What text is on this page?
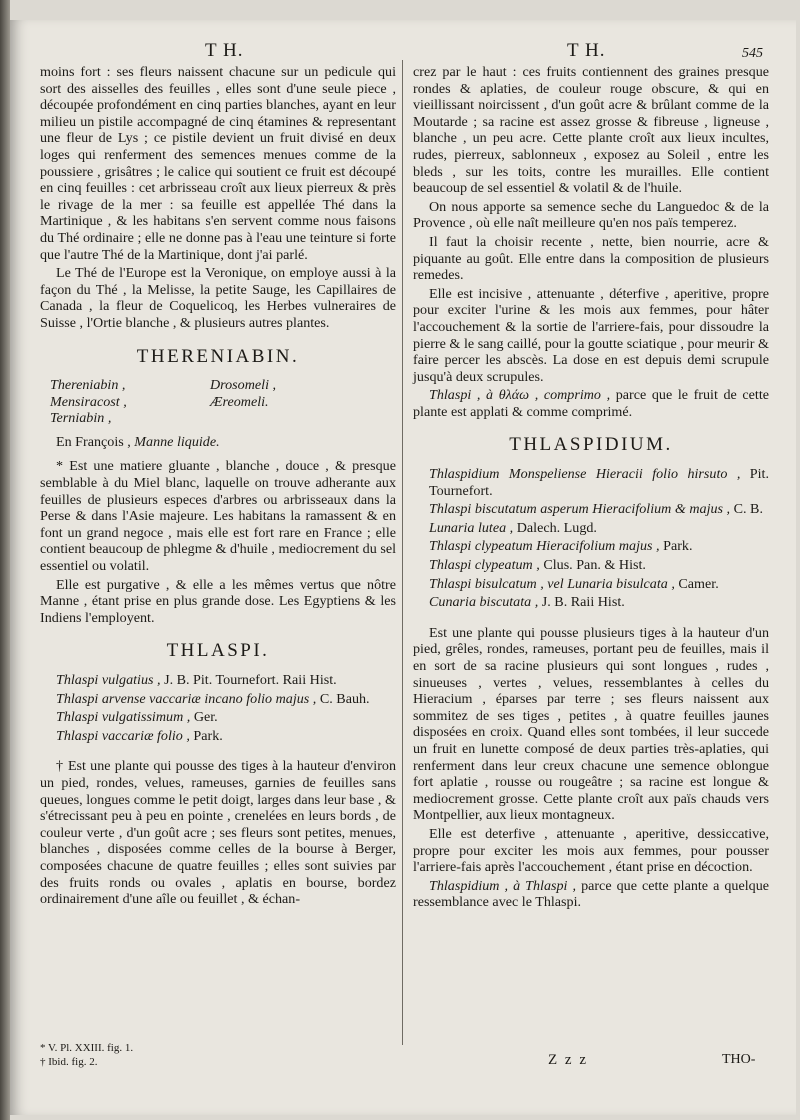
T H.	T H.	545

moins fort : ses fleurs naissent chacune sur un pedicule qui sort des aisselles des feuilles , elles sont d'une seule piece , découpée profondément en cinq parties blanches, ayant en leur milieu un pistile accompagné de cinq étamines & representant une fleur de Lys ; ce pistile devient un fruit divisé en deux loges qui renferment des semences menues comme de la poussiere , grisâtres ; le calice qui soutient ce fruit est découpé en cinq feuilles : cet arbrisseau croît aux lieux pierreux & près le rivage de la mer : sa feuille est appellée Thé dans la Martinique , & les habitans s'en servent comme nous faisons du Thé ordinaire ; elle ne donne pas à l'eau une teinture si forte que l'autre Thé de la Martinique, dont j'ai parlé.

Le Thé de l'Europe est la Veronique, on employe aussi à la façon du Thé , la Melisse, la petite Sauge, les Capillaires de Canada , la fleur de Coquelicoq, les Herbes vulneraires de Suisse , l'Ortie blanche , & plusieurs autres plantes.

THERENIABIN.
Thereniabin ,	Drosomeli ,
Mensiracost ,	Æreomeli.
Terniabin ,
En François , Manne liquide.

* Est une matiere gluante , blanche , douce , & presque semblable à du Miel blanc, laquelle on trouve adherante aux feuilles de plusieurs especes d'arbres ou arbrisseaux dans la Perse & dans l'Asie majeure. Les habitans la ramassent & en font un grand negoce , mais elle est fort rare en France ; elle contient beaucoup de phlegme & d'huile , mediocrement du sel essentiel ou volatil.

Elle est purgative , & elle a les mêmes vertus que nôtre Manne , étant prise en plus grande dose. Les Egyptiens & les Indiens l'employent.

THLASPI.

Thlaspi vulgatius , J. B. Pit. Tournefort. Raii Hist.

Thlaspi arvense vaccariæ incano folio majus , C. Bauh.

Thlaspi vulgatissimum , Ger.

Thlaspi vaccariæ folio , Park.

† Est une plante qui pousse des tiges à la hauteur d'environ un pied, rondes, velues, rameuses, garnies de feuilles sans queues, longues comme le petit doigt, larges dans leur base , & s'étrecissant peu à peu en pointe , crenelées en leurs bords , de couleur verte , d'un goût acre ; ses fleurs sont petites, menues, blanches , disposées comme celles de la bourse à Berger, composées chacune de quatre feuilles ; elles sont suivies par des fruits ronds ou ovales , aplatis en bourse, bordez ordinairement d'une aîle ou feuillet , & échan-

* V. Pl. XXIII. fig. 1.
† Ibid. fig. 2.

crez par le haut : ces fruits contiennent des graines presque rondes & aplaties, de couleur rouge obscure, & qui en vieillissant noircissent , d'un goût acre & brûlant comme de la Moutarde ; sa racine est assez grosse & fibreuse , ligneuse , blanche , un peu acre. Cette plante croît aux lieux incultes, rudes, pierreux, sablonneux , exposez au Soleil , entre les bleds , sur les toits, contre les murailles. Elle contient beaucoup de sel essentiel & volatil & de l'huile.

On nous apporte sa semence seche du Languedoc & de la Provence , où elle naît meilleure qu'en nos païs temperez.

Il faut la choisir recente , nette, bien nourrie, acre & piquante au goût. Elle entre dans la composition de plusieurs remedes.

Elle est incisive , attenuante , déterfive , aperitive, propre pour exciter l'urine & les mois aux femmes, pour hâter l'accouchement & la sortie de l'arriere-fais, pour dissoudre la pierre & le sang caillé, pour la goutte sciatique , pour meurir & faire percer les abscès. La dose en est depuis demi scrupule jusqu'à deux scrupules.

Thlaspi , à θλάω , comprimo , parce que le fruit de cette plante est applati & comme comprimé.

THLASPIDIUM.

Thlaspidium Monspeliense Hieracii folio hirsuto , Pit. Tournefort.

Thlaspi biscutatum asperum Hieracifolium & majus , C. B.

Lunaria lutea , Dalech. Lugd.

Thlaspi clypeatum Hieracifolium majus , Park.

Thlaspi clypeatum , Clus. Pan. & Hist.

Thlaspi bisulcatum , vel Lunaria bisulcata , Camer.

Cunaria biscutata , J. B. Raii Hist.

Est une plante qui pousse plusieurs tiges à la hauteur d'un pied, grêles, rondes, rameuses, portant peu de feuilles, mais il en sort de sa racine plusieurs qui sont longues , rudes , sinueuses , vertes , velues, ressemblantes à celles du Hieracium , éparses par terre ; ses fleurs naissent aux sommitez de ses tiges , petites , à quatre feuilles jaunes disposées en croix. Quand elles sont tombées, il leur succede un fruit en lunette composé de deux parties très-aplaties, qui renferment dans leur creux chacune une semence oblongue fort aplatie , rousse ou rougeâtre ; sa racine est longue & mediocrement grosse. Cette plante croît aux païs chauds vers Montpellier, aux lieux montagneux.

Elle est deterfive , attenuante , aperitive, dessiccative, propre pour exciter les mois aux femmes, pour pousser l'arriere-fais après l'accouchement , étant prise en décoction.

Thlaspidium , à Thlaspi , parce que cette plante a quelque ressemblance avec le Thlaspi.

Z z z	THO-
